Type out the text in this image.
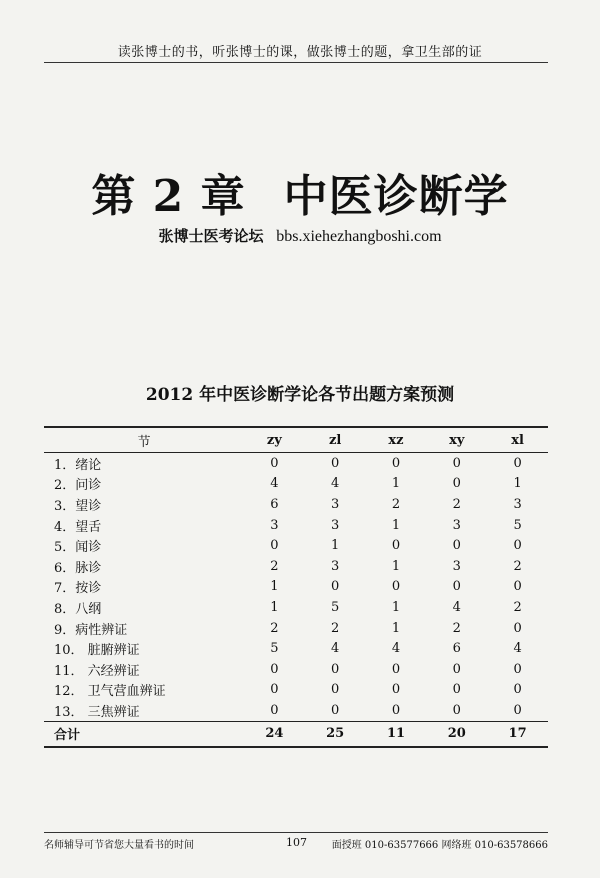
读张博士的书，听张博士的课，做张博士的题，拿卫生部的证
第 2 章 中医诊断学
张博士医考论坛 bbs.xiehezhangboshi.com
2012 年中医诊断学论各节出题方案预测
节	zy	zl	xz	xy	xl
1．绪论	0	0	0	0	0
2．问诊	4	4	1	0	1
3．望诊	6	3	2	2	3
4．望舌	3	3	1	3	5
5．闻诊	0	1	0	0	0
6．脉诊	2	3	1	3	2
7．按诊	1	0	0	0	0
8．八纲	1	5	1	4	2
9．病性辨证	2	2	1	2	0
10． 脏腑辨证	5	4	4	6	4
11． 六经辨证	0	0	0	0	0
12． 卫气营血辨证	0	0	0	0	0
13． 三焦辨证	0	0	0	0	0
合计	24	25	11	20	17
名师辅导可节省您大量看书的时间	107 面授班 010-63577666 网络班 010-63578666
